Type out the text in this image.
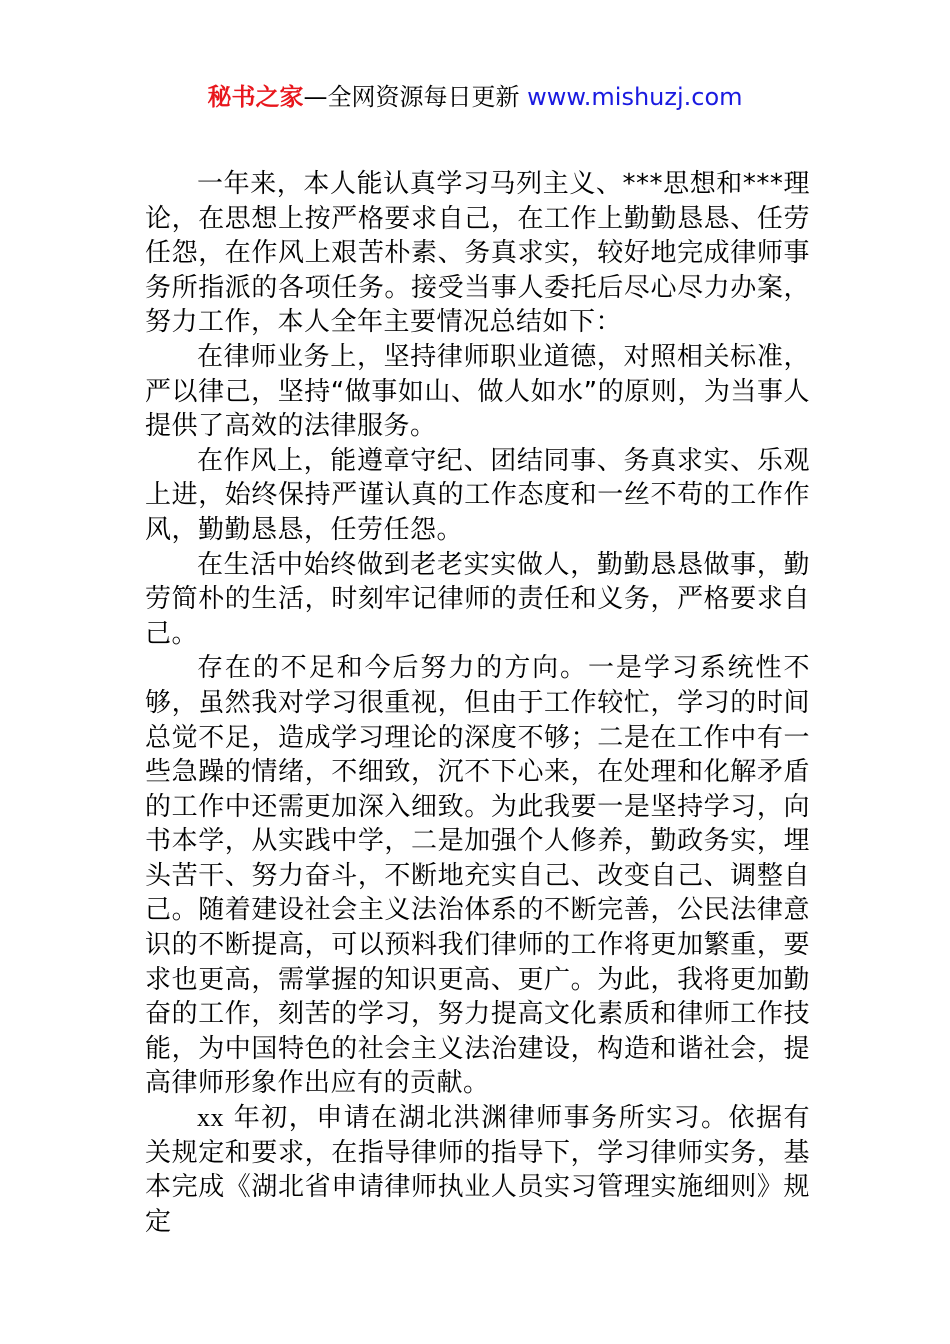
秘书之家—全网资源每日更新 www.mishuzj.com

一年来，本人能认真学习马列主义、***思想和***理论，在思想上按严格要求自己，在工作上勤勤恳恳、任劳任怨，在作风上艰苦朴素、务真求实，较好地完成律师事务所指派的各项任务。接受当事人委托后尽心尽力办案，努力工作，本人全年主要情况总结如下：

在律师业务上，坚持律师职业道德，对照相关标准，严以律己，坚持“做事如山、做人如水”的原则，为当事人提供了高效的法律服务。

在作风上，能遵章守纪、团结同事、务真求实、乐观上进，始终保持严谨认真的工作态度和一丝不苟的工作作风，勤勤恳恳，任劳任怨。

在生活中始终做到老老实实做人，勤勤恳恳做事，勤劳简朴的生活，时刻牢记律师的责任和义务，严格要求自己。

存在的不足和今后努力的方向。一是学习系统性不够，虽然我对学习很重视，但由于工作较忙，学习的时间总觉不足，造成学习理论的深度不够；二是在工作中有一些急躁的情绪，不细致，沉不下心来，在处理和化解矛盾的工作中还需更加深入细致。为此我要一是坚持学习，向书本学，从实践中学，二是加强个人修养，勤政务实，埋头苦干、努力奋斗，不断地充实自己、改变自己、调整自己。随着建设社会主义法治体系的不断完善，公民法律意识的不断提高，可以预料我们律师的工作将更加繁重，要求也更高，需掌握的知识更高、更广。为此，我将更加勤奋的工作，刻苦的学习，努力提高文化素质和律师工作技能，为中国特色的社会主义法治建设，构造和谐社会，提高律师形象作出应有的贡献。

xx 年初，申请在湖北洪渊律师事务所实习。依据有关规定和要求，在指导律师的指导下，学习律师实务，基本完成《湖北省申请律师执业人员实习管理实施细则》规定
